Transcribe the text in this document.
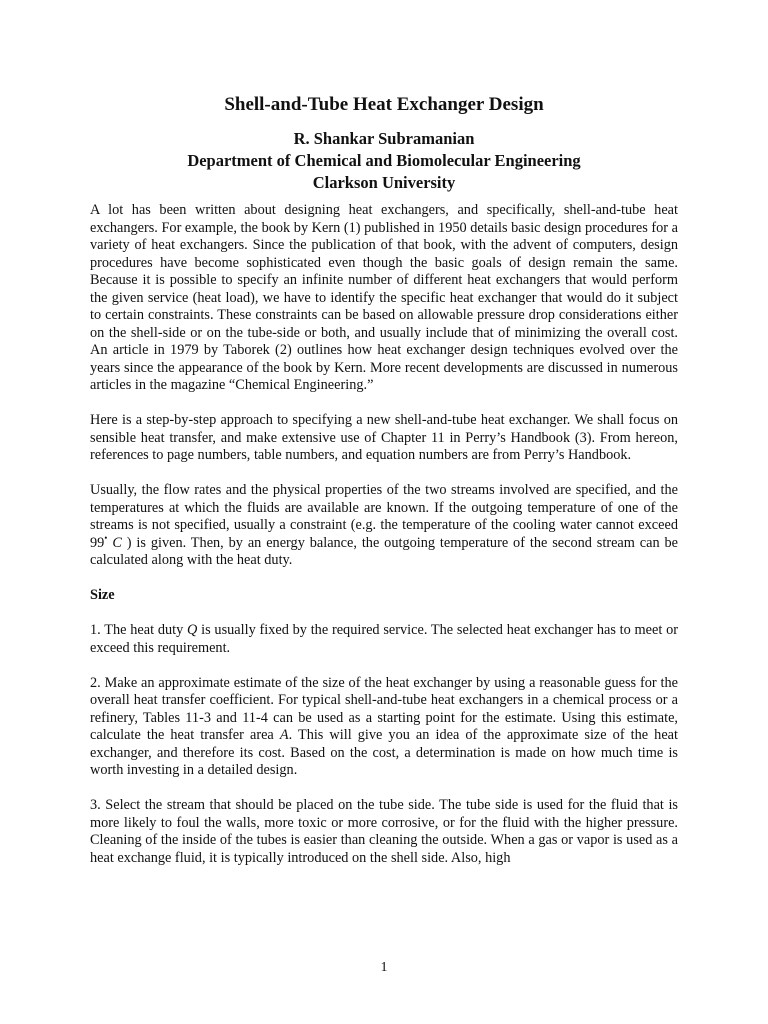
Shell-and-Tube Heat Exchanger Design
R. Shankar Subramanian
Department of Chemical and Biomolecular Engineering
Clarkson University

A lot has been written about designing heat exchangers, and specifically, shell-and-tube heat exchangers. For example, the book by Kern (1) published in 1950 details basic design procedures for a variety of heat exchangers. Since the publication of that book, with the advent of computers, design procedures have become sophisticated even though the basic goals of design remain the same. Because it is possible to specify an infinite number of different heat exchangers that would perform the given service (heat load), we have to identify the specific heat exchanger that would do it subject to certain constraints. These constraints can be based on allowable pressure drop considerations either on the shell-side or on the tube-side or both, and usually include that of minimizing the overall cost. An article in 1979 by Taborek (2) outlines how heat exchanger design techniques evolved over the years since the appearance of the book by Kern. More recent developments are discussed in numerous articles in the magazine “Chemical Engineering.”

Here is a step-by-step approach to specifying a new shell-and-tube heat exchanger. We shall focus on sensible heat transfer, and make extensive use of Chapter 11 in Perry’s Handbook (3). From hereon, references to page numbers, table numbers, and equation numbers are from Perry’s Handbook.

Usually, the flow rates and the physical properties of the two streams involved are specified, and the temperatures at which the fluids are available are known. If the outgoing temperature of one of the streams is not specified, usually a constraint (e.g. the temperature of the cooling water cannot exceed 99• C ) is given. Then, by an energy balance, the outgoing temperature of the second stream can be calculated along with the heat duty.

Size

1. The heat duty Q is usually fixed by the required service. The selected heat exchanger has to meet or exceed this requirement.

2. Make an approximate estimate of the size of the heat exchanger by using a reasonable guess for the overall heat transfer coefficient. For typical shell-and-tube heat exchangers in a chemical process or a refinery, Tables 11-3 and 11-4 can be used as a starting point for the estimate. Using this estimate, calculate the heat transfer area A. This will give you an idea of the approximate size of the heat exchanger, and therefore its cost. Based on the cost, a determination is made on how much time is worth investing in a detailed design.

3. Select the stream that should be placed on the tube side. The tube side is used for the fluid that is more likely to foul the walls, more toxic or more corrosive, or for the fluid with the higher pressure. Cleaning of the inside of the tubes is easier than cleaning the outside. When a gas or vapor is used as a heat exchange fluid, it is typically introduced on the shell side. Also, high

1
